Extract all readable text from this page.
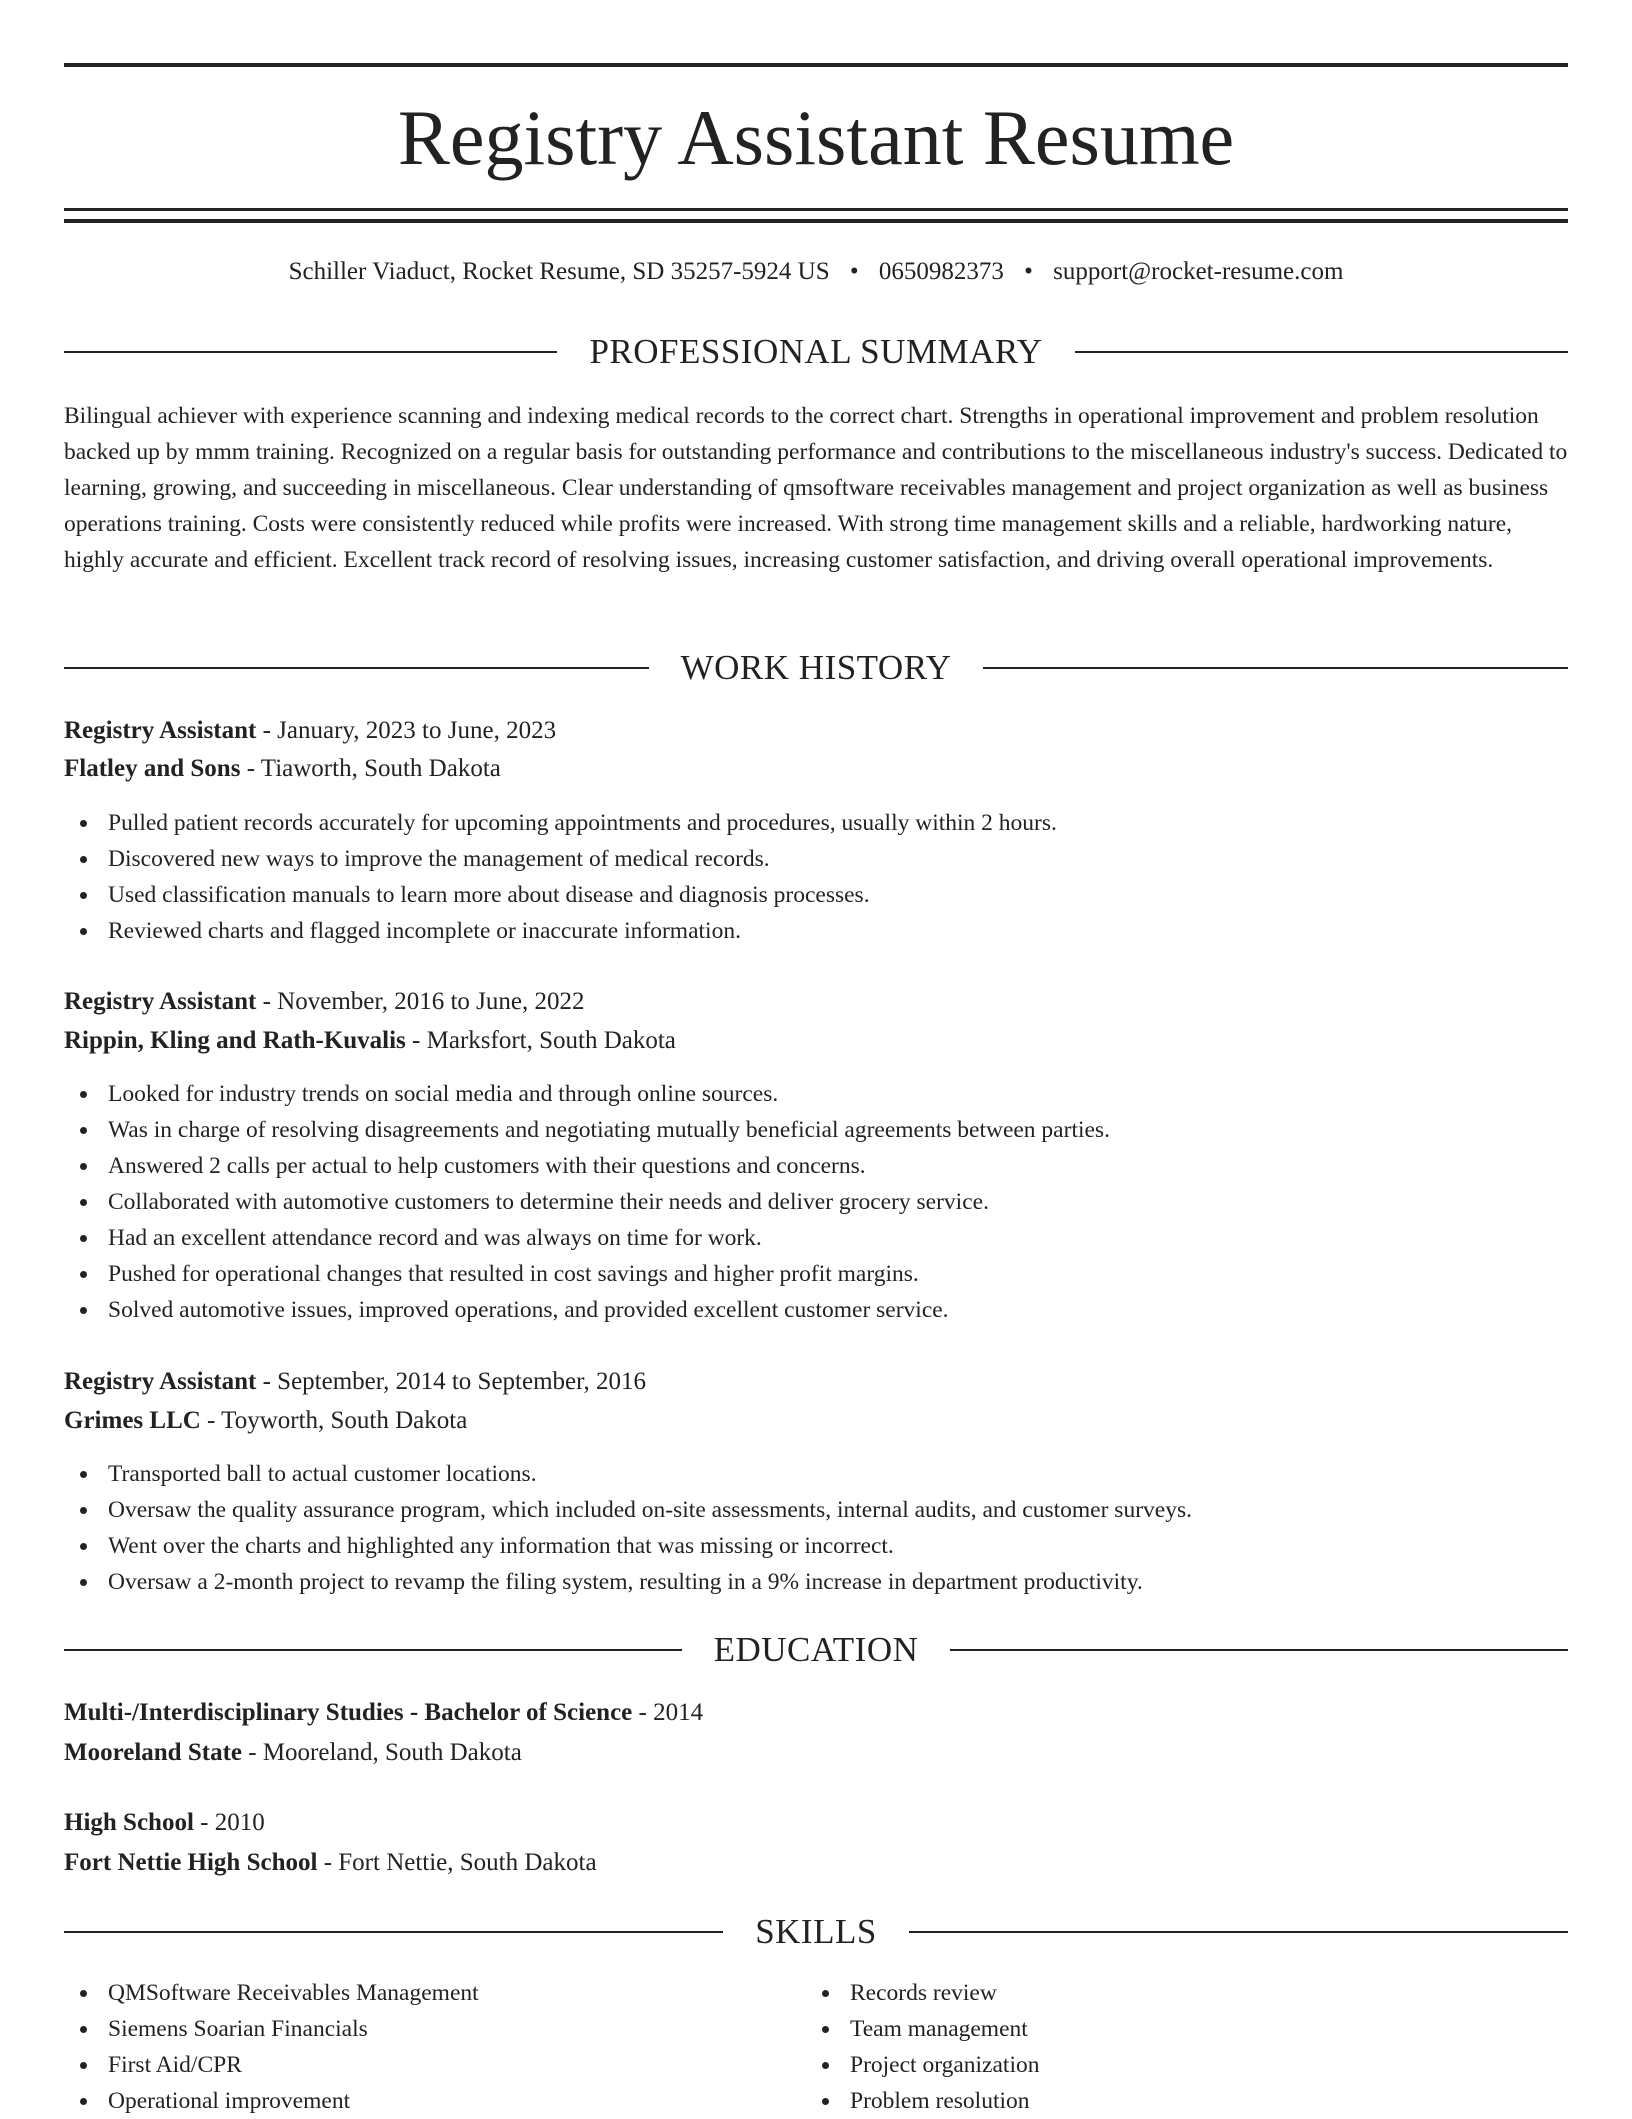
Registry Assistant Resume
Schiller Viaduct, Rocket Resume, SD 35257-5924 US • 0650982373 • support@rocket-resume.com
PROFESSIONAL SUMMARY

Bilingual achiever with experience scanning and indexing medical records to the correct chart. Strengths in operational improvement and problem resolution backed up by mmm training. Recognized on a regular basis for outstanding performance and contributions to the miscellaneous industry's success. Dedicated to learning, growing, and succeeding in miscellaneous. Clear understanding of qmsoftware receivables management and project organization as well as business operations training. Costs were consistently reduced while profits were increased. With strong time management skills and a reliable, hardworking nature, highly accurate and efficient. Excellent track record of resolving issues, increasing customer satisfaction, and driving overall operational improvements.

WORK HISTORY
Registry Assistant - January, 2023 to June, 2023
Flatley and Sons - Tiaworth, South Dakota
Pulled patient records accurately for upcoming appointments and procedures, usually within 2 hours.
Discovered new ways to improve the management of medical records.
Used classification manuals to learn more about disease and diagnosis processes.
Reviewed charts and flagged incomplete or inaccurate information.
Registry Assistant - November, 2016 to June, 2022
Rippin, Kling and Rath-Kuvalis - Marksfort, South Dakota
Looked for industry trends on social media and through online sources.
Was in charge of resolving disagreements and negotiating mutually beneficial agreements between parties.
Answered 2 calls per actual to help customers with their questions and concerns.
Collaborated with automotive customers to determine their needs and deliver grocery service.
Had an excellent attendance record and was always on time for work.
Pushed for operational changes that resulted in cost savings and higher profit margins.
Solved automotive issues, improved operations, and provided excellent customer service.
Registry Assistant - September, 2014 to September, 2016
Grimes LLC - Toyworth, South Dakota
Transported ball to actual customer locations.
Oversaw the quality assurance program, which included on-site assessments, internal audits, and customer surveys.
Went over the charts and highlighted any information that was missing or incorrect.
Oversaw a 2-month project to revamp the filing system, resulting in a 9% increase in department productivity.
EDUCATION
Multi-/Interdisciplinary Studies - Bachelor of Science - 2014
Mooreland State - Mooreland, South Dakota
High School - 2010
Fort Nettie High School - Fort Nettie, South Dakota
SKILLS
QMSoftware Receivables Management
Siemens Soarian Financials
First Aid/CPR
Operational improvement
Records review
Team management
Project organization
Problem resolution
